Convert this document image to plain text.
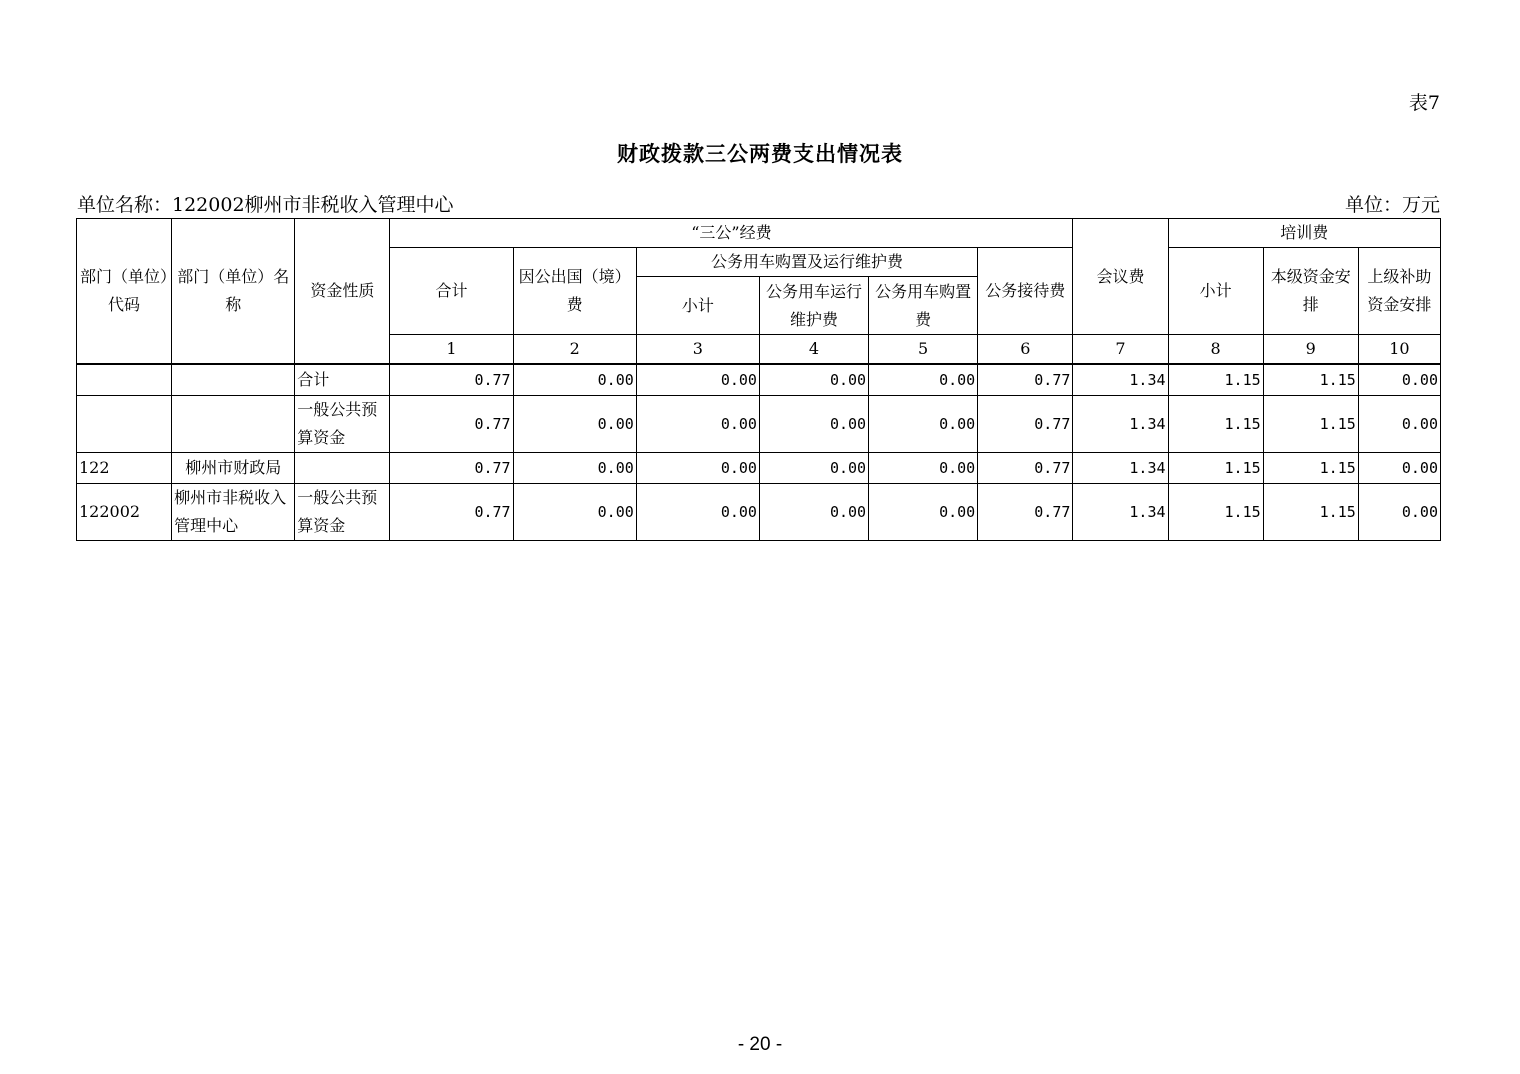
表7
财政拨款三公两费支出情况表
单位名称：122002柳州市非税收入管理中心	单位：万元
部门（单位）代码	部门（单位）名称	资金性质	“三公”经费						会议费	培训费		
			合计	因公出国（境）费	公务用车购置及运行维护费			公务接待费		小计	本级资金安排	上级补助资金安排
					小计	公务用车运行维护费	公务用车购置费					
			1	2	3	4	5	6	7	8	9	10
		合计	0.77	0.00	0.00	0.00	0.00	0.77	1.34	1.15	1.15	0.00
		一般公共预算资金	0.77	0.00	0.00	0.00	0.00	0.77	1.34	1.15	1.15	0.00
122	柳州市财政局		0.77	0.00	0.00	0.00	0.00	0.77	1.34	1.15	1.15	0.00
122002	柳州市非税收入管理中心	一般公共预算资金	0.77	0.00	0.00	0.00	0.00	0.77	1.34	1.15	1.15	0.00
- 20 -
